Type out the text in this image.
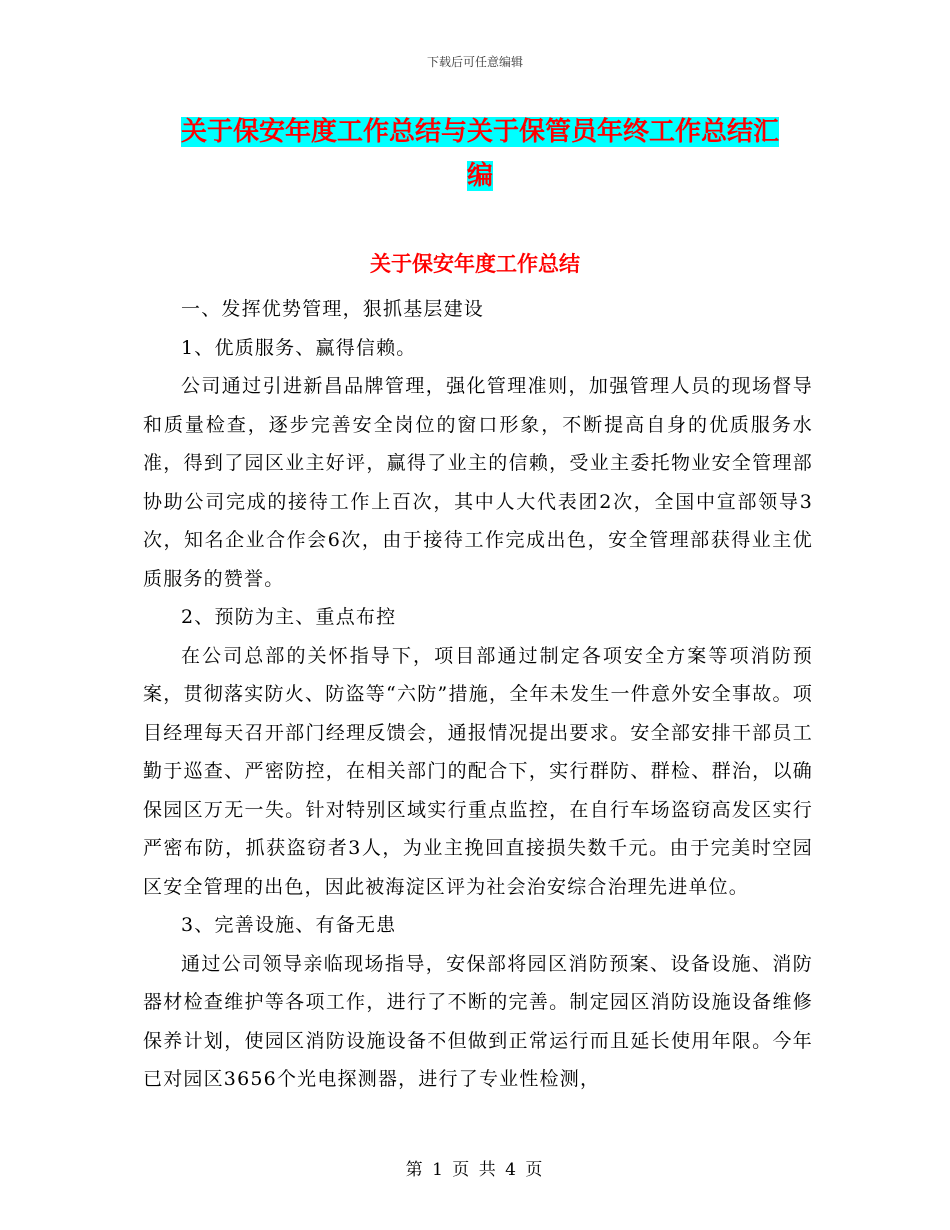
下载后可任意编辑
关于保安年度工作总结与关于保管员年终工作总结汇
编
关于保安年度工作总结

一、发挥优势管理，狠抓基层建设

1、优质服务、赢得信赖。

公司通过引进新昌品牌管理，强化管理准则，加强管理人员的现场督导和质量检查，逐步完善安全岗位的窗口形象，不断提高自身的优质服务水准，得到了园区业主好评，赢得了业主的信赖，受业主委托物业安全管理部协助公司完成的接待工作上百次，其中人大代表团2次，全国中宣部领导3次，知名企业合作会6次，由于接待工作完成出色，安全管理部获得业主优质服务的赞誉。

2、预防为主、重点布控

在公司总部的关怀指导下，项目部通过制定各项安全方案等项消防预案，贯彻落实防火、防盗等“六防”措施，全年未发生一件意外安全事故。项目经理每天召开部门经理反馈会，通报情况提出要求。安全部安排干部员工勤于巡查、严密防控，在相关部门的配合下，实行群防、群检、群治，以确保园区万无一失。针对特别区域实行重点监控，在自行车场盗窃高发区实行严密布防，抓获盗窃者3人，为业主挽回直接损失数千元。由于完美时空园区安全管理的出色，因此被海淀区评为社会治安综合治理先进单位。

3、完善设施、有备无患

通过公司领导亲临现场指导，安保部将园区消防预案、设备设施、消防器材检查维护等各项工作，进行了不断的完善。制定园区消防设施设备维修保养计划，使园区消防设施设备不但做到正常运行而且延长使用年限。今年已对园区3656个光电探测器，进行了专业性检测，

第 1 页 共 4 页
